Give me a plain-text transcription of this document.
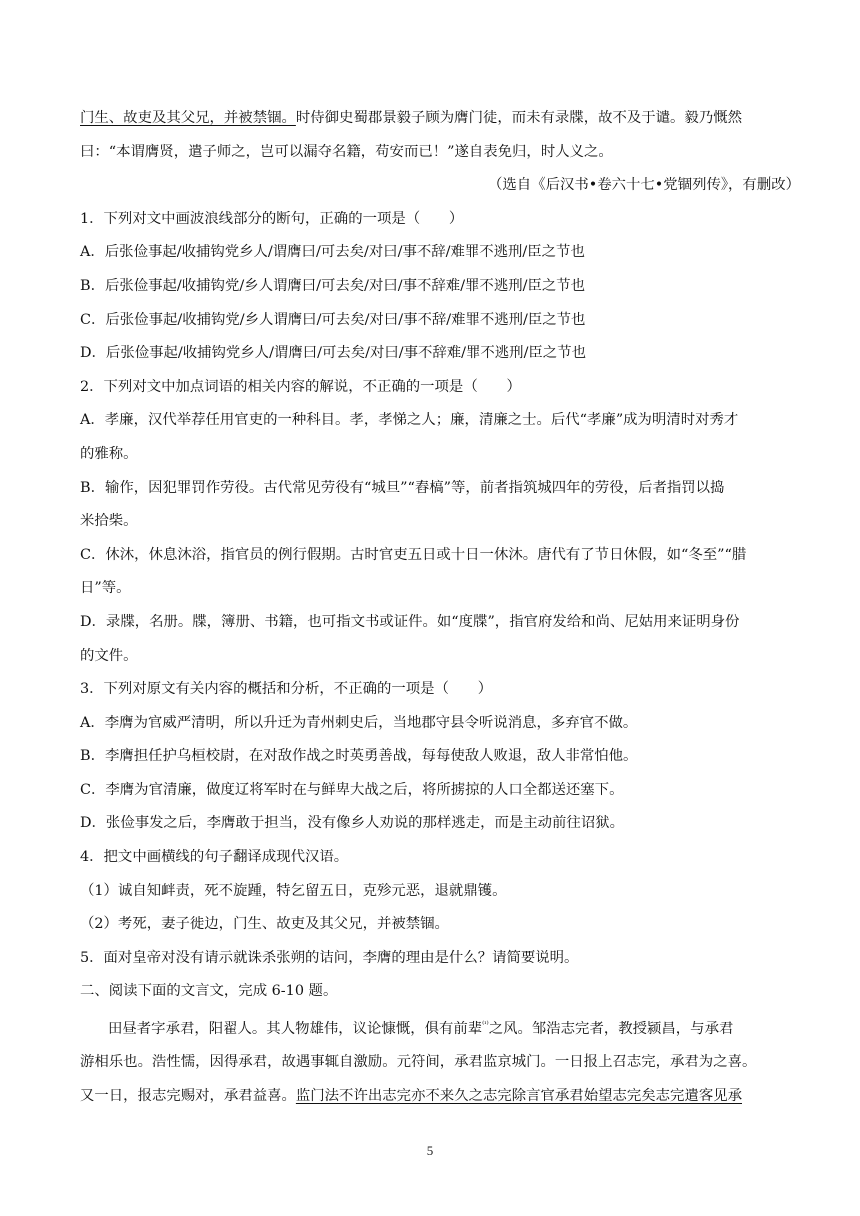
门生、故吏及其父兄，并被禁锢。时侍御史蜀郡景毅子顾为膺门徒，而未有录牒，故不及于谴。毅乃慨然

曰：“本谓膺贤，遣子师之，岂可以漏夺名籍，苟安而已！”遂自表免归，时人义之。

（选自《后汉书•卷六十七•党锢列传》，有删改）

1．下列对文中画波浪线部分的断句，正确的一项是（　　）

A．后张俭事起/收捕钩党乡人/谓膺曰/可去矣/对曰/事不辞/难罪不逃刑/臣之节也

B．后张俭事起/收捕钩党/乡人谓膺曰/可去矣/对曰/事不辞难/罪不逃刑/臣之节也

C．后张俭事起/收捕钩党/乡人谓膺曰/可去矣/对曰/事不辞/难罪不逃刑/臣之节也

D．后张俭事起/收捕钩党乡人/谓膺曰/可去矣/对曰/事不辞难/罪不逃刑/臣之节也

2．下列对文中加点词语的相关内容的解说，不正确的一项是（　　）

A．孝廉，汉代举荐任用官吏的一种科目。孝，孝悌之人；廉，清廉之士。后代“孝廉”成为明清时对秀才

的雅称。

B．输作，因犯罪罚作劳役。古代常见劳役有“城旦”“舂槁”等，前者指筑城四年的劳役，后者指罚以捣

米拾柴。

C．休沐，休息沐浴，指官员的例行假期。古时官吏五日或十日一休沐。唐代有了节日休假，如“冬至”“腊

日”等。

D．录牒，名册。牒，簿册、书籍，也可指文书或证件。如“度牒”，指官府发给和尚、尼姑用来证明身份

的文件。

3．下列对原文有关内容的概括和分析，不正确的一项是（　　）

A．李膺为官威严清明，所以升迁为青州刺史后，当地郡守县令听说消息，多弃官不做。

B．李膺担任护乌桓校尉，在对敌作战之时英勇善战，每每使敌人败退，敌人非常怕他。

C．李膺为官清廉，做度辽将军时在与鲜卑大战之后，将所掳掠的人口全都送还塞下。

D．张俭事发之后，李膺敢于担当，没有像乡人劝说的那样逃走，而是主动前往诏狱。

4．把文中画横线的句子翻译成现代汉语。

（1）诚自知衅责，死不旋踵，特乞留五日，克殄元恶，退就鼎镬。

（2）考死，妻子徙边，门生、故吏及其父兄，并被禁锢。

5．面对皇帝对没有请示就诛杀张朔的诘问，李膺的理由是什么？请简要说明。

二、阅读下面的文言文，完成 6-10 题。

田昼者字承君，阳翟人。其人物雄伟，议论慷慨，俱有前辈$^{^(ᶦ^)}$之风。邹浩志完者，教授颍昌，与承君

游相乐也。浩性懦，因得承君，故遇事辄自激励。元符间，承君监京城门。一日报上召志完，承君为之喜。

又一日，报志完赐对，承君益喜。监门法不许出志完亦不来久之志完除言官承君始望志完矣志完遣客见承

5
